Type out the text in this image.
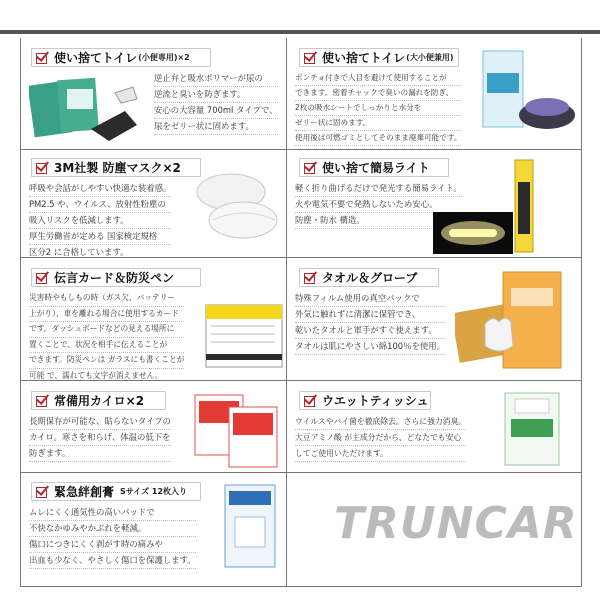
使い捨てトイレ (小便専用)×2
逆止弁と吸水ポリマーが尿の
逆流と臭いを防ぎます。
安心の大容量 700ml タイプで、
尿をゼリー状に固めます。
使い捨てトイレ (大小便兼用)
ポンチョ付きで人目を避けて使用することが
できます。密着チャックで臭いの漏れを防ぎ、
2枚の吸水シートでしっかりと水分を
ゼリー状に固めます。
使用後は可燃ゴミとしてそのまま廃棄可能です。
3M社製 防塵マスク×2
呼吸や会話がしやすい快適な装着感。
PM2.5 や、ウイルス、放射性粉塵の
吸入リスクを低減します。
厚生労働省が定める 国家検定規格
区分2 に合格しています。
使い捨て簡易ライト
軽く折り曲げるだけで発光する簡易ライト。
火や電気不要で発熱しないため安心。
防塵・防水 構造。
伝言カード＆防災ペン
災害時やもしもの時（ガス欠、バッテリー
上がり）、車を離れる場合に使用するカード
です。ダッシュボードなどの見える場所に
置くことで、状況を相手に伝えることが
できます。防災ペンは ガラスにも書くことが
可能 で、濡れても文字が消えません。
タオル＆グローブ
特殊フィルム使用の真空パックで
外気に触れずに清潔に保管でき、
乾いたタオルと軍手がすぐ使えます。
タオルは肌にやさしい綿100％を使用。
常備用カイロ×2
長期保存が可能な、貼らないタイプの
カイロ。寒さを和らげ、体温の低下を
防ぎます。
ウエットティッシュ
ウイルスやバイ菌を徹底除去。さらに強力消臭。
大豆アミノ酸 が主成分だから、どなたでも安心
してご使用いただけます。
緊急絆創膏 Sサイズ 12枚入り
ムレにくく通気性の高いパッドで
不快なかゆみやかぶれを軽減。
傷口につきにくく剥がす時の痛みや
出血も少なく、やさしく傷口を保護します。
TRUNCAR
